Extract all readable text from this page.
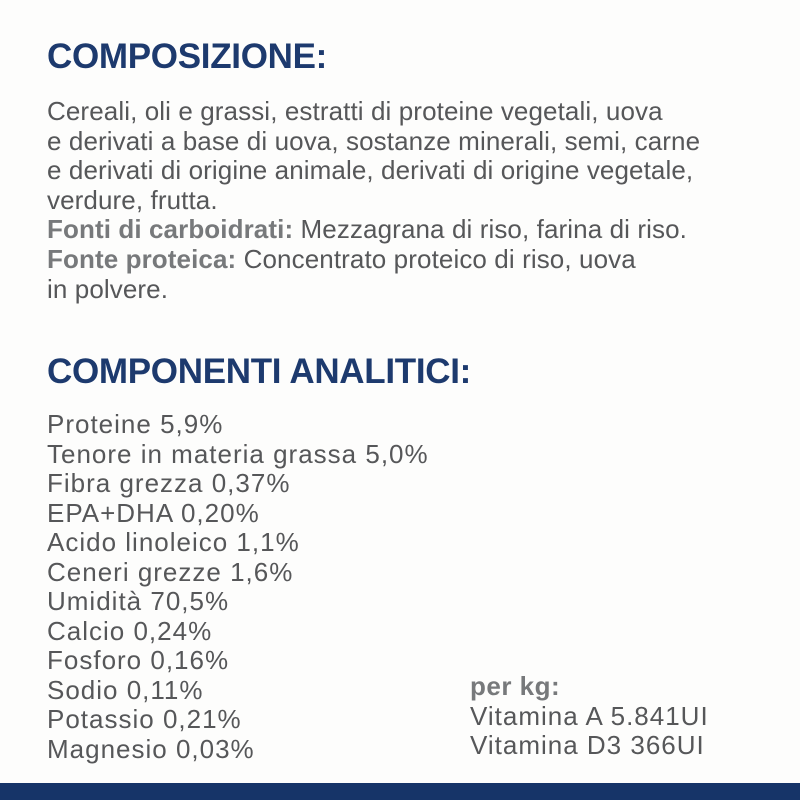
COMPOSIZIONE:
Cereali, oli e grassi, estratti di proteine vegetali, uova
e derivati a base di uova, sostanze minerali, semi, carne
e derivati di origine animale, derivati di origine vegetale,
verdure, frutta.
Fonti di carboidrati: Mezzagrana di riso, farina di riso.
Fonte proteica: Concentrato proteico di riso, uova
in polvere.
COMPONENTI ANALITICI:
Proteine 5,9%
Tenore in materia grassa 5,0%
Fibra grezza 0,37%
EPA+DHA 0,20%
Acido linoleico 1,1%
Ceneri grezze 1,6%
Umidità 70,5%
Calcio 0,24%
Fosforo 0,16%
Sodio 0,11%
Potassio 0,21%
Magnesio 0,03%
per kg:
Vitamina A 5.841UI
Vitamina D3 366UI
